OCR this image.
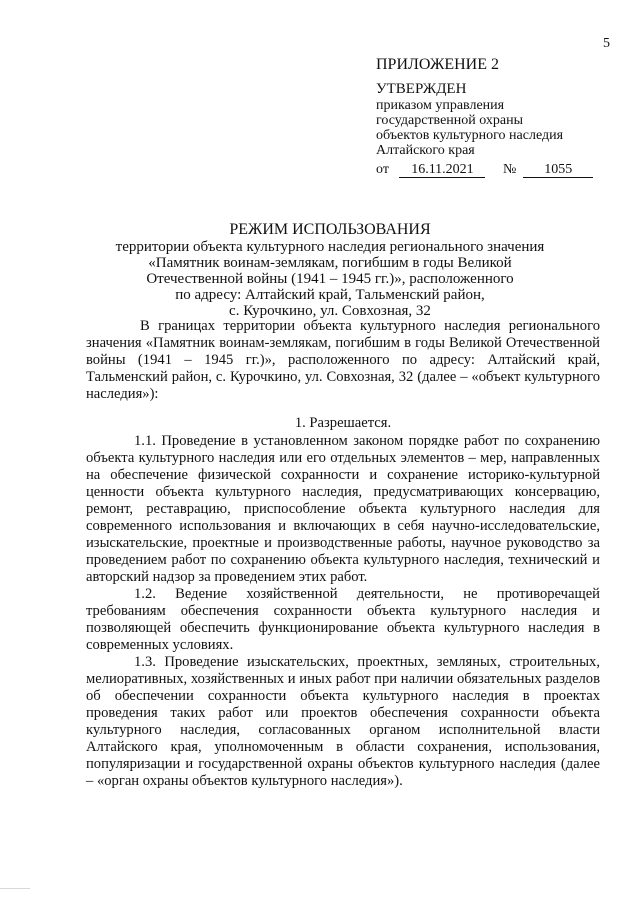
5
ПРИЛОЖЕНИЕ 2
УТВЕРЖДЕН
приказом управления
государственной охраны
объектов культурного наследия
Алтайского края
от 16.11.2021 № 1055
РЕЖИМ ИСПОЛЬЗОВАНИЯ
территории объекта культурного наследия регионального значения
«Памятник воинам-землякам, погибшим в годы Великой
Отечественной войны (1941 – 1945 гг.)», расположенного
по адресу: Алтайский край, Тальменский район,
с. Курочкино, ул. Совхозная, 32

В границах территории объекта культурного наследия регионального значения «Памятник воинам-землякам, погибшим в годы Великой Отечественной войны (1941 – 1945 гг.)», расположенного по адресу: Алтайский край, Тальменский район, с. Курочкино, ул. Совхозная, 32 (далее – «объект культурного наследия»):

1. Разрешается.

1.1. Проведение в установленном законом порядке работ по сохранению объекта культурного наследия или его отдельных элементов – мер, направленных на обеспечение физической сохранности и сохранение историко-культурной ценности объекта культурного наследия, предусматривающих консервацию, ремонт, реставрацию, приспособление объекта культурного наследия для современного использования и включающих в себя научно-исследовательские, изыскательские, проектные и производственные работы, научное руководство за проведением работ по сохранению объекта культурного наследия, технический и авторский надзор за проведением этих работ.

1.2. Ведение хозяйственной деятельности, не противоречащей требованиям обеспечения сохранности объекта культурного наследия и позволяющей обеспечить функционирование объекта культурного наследия в современных условиях.

1.3. Проведение изыскательских, проектных, земляных, строительных, мелиоративных, хозяйственных и иных работ при наличии обязательных разделов об обеспечении сохранности объекта культурного наследия в проектах проведения таких работ или проектов обеспечения сохранности объекта культурного наследия, согласованных органом исполнительной власти Алтайского края, уполномоченным в области сохранения, использования, популяризации и государственной охраны объектов культурного наследия (далее – «орган охраны объектов культурного наследия»).
